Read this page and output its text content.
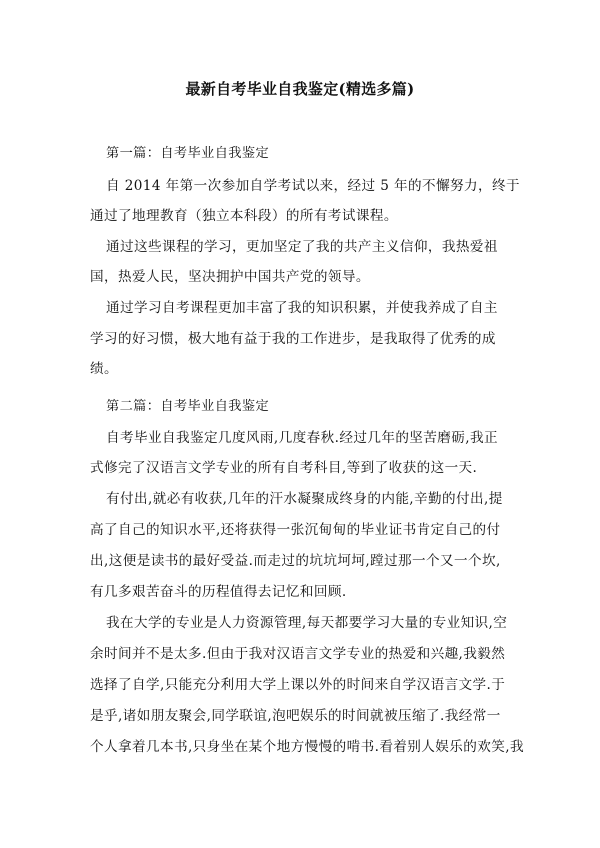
最新自考毕业自我鉴定(精选多篇)
第一篇：自考毕业自我鉴定
自 2014 年第一次参加自学考试以来，经过 5 年的不懈努力，终于
通过了地理教育（独立本科段）的所有考试课程。
通过这些课程的学习，更加坚定了我的共产主义信仰，我热爱祖
国，热爱人民，坚决拥护中国共产党的领导。
通过学习自考课程更加丰富了我的知识积累，并使我养成了自主
学习的好习惯，极大地有益于我的工作进步，是我取得了优秀的成
绩。
第二篇：自考毕业自我鉴定
自考毕业自我鉴定几度风雨,几度春秋.经过几年的坚苦磨砺,我正
式修完了汉语言文学专业的所有自考科目,等到了收获的这一天.
有付出,就必有收获,几年的汗水凝聚成终身的内能,辛勤的付出,提
高了自己的知识水平,还将获得一张沉甸甸的毕业证书肯定自己的付
出,这便是读书的最好受益.而走过的坑坑坷坷,蹚过那一个又一个坎,
有几多艰苦奋斗的历程值得去记忆和回顾.
我在大学的专业是人力资源管理,每天都要学习大量的专业知识,空
余时间并不是太多.但由于我对汉语言文学专业的热爱和兴趣,我毅然
选择了自学,只能充分利用大学上课以外的时间来自学汉语言文学.于
是乎,诸如朋友聚会,同学联谊,泡吧娱乐的时间就被压缩了.我经常一
个人拿着几本书,只身坐在某个地方慢慢的啃书.看着别人娱乐的欢笑,我
